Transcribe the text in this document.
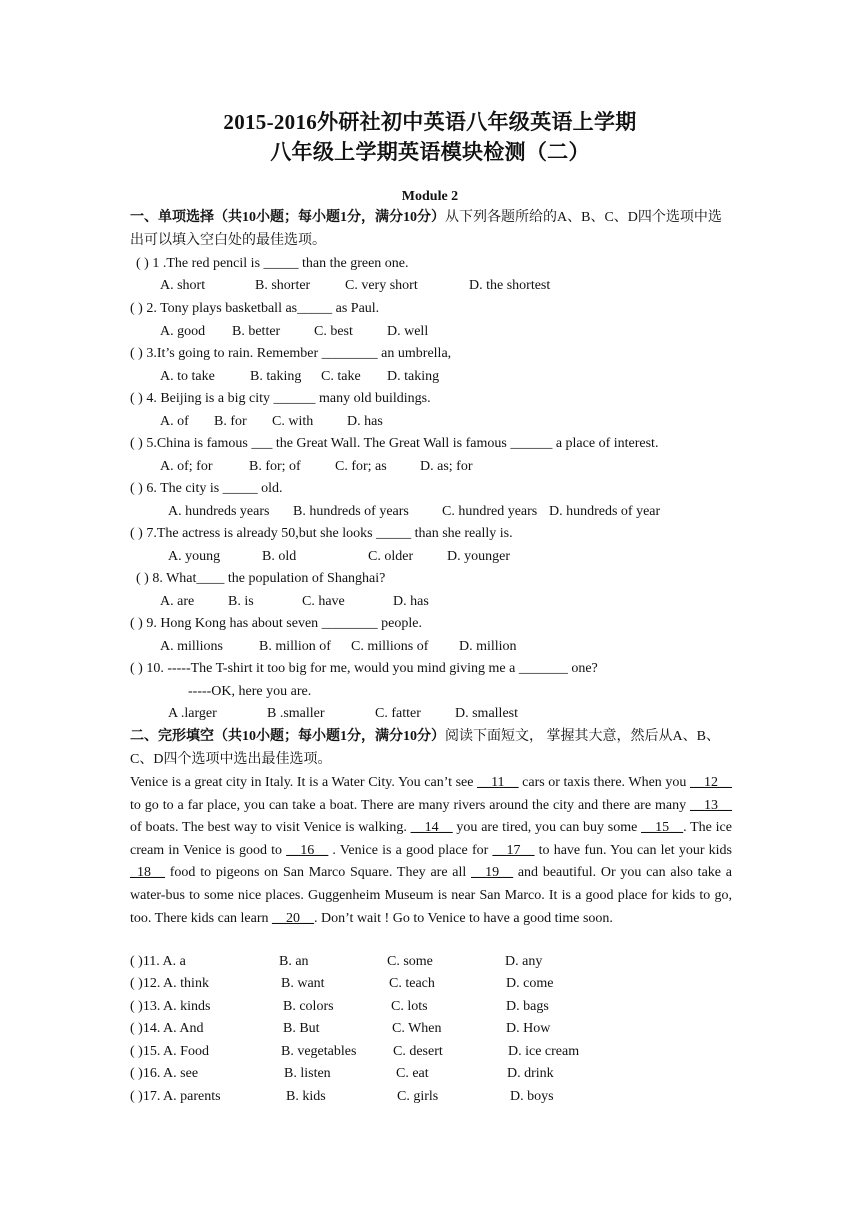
2015-2016外研社初中英语八年级英语上学期
八年级上学期英语模块检测（二）
Module 2
一、单项选择（共10小题；每小题1分，满分10分）从下列各题所给的A、B、C、D四个选项中选出可以填入空白处的最佳选项。
( ) 1 .The red pencil is _____ than the green one.
A. short	B. shorter C. very short	D. the shortest
( ) 2. Tony plays basketball as_____ as Paul.
A. good B. better C. best D. well
( ) 3.It’s going to rain. Remember ________ an umbrella,
A. to take	B. taking C. take D. taking
( ) 4. Beijing is a big city ______ many old buildings.
A. of B. for C. with D. has
( ) 5.China is famous ___ the Great Wall. The Great Wall is famous ______ a place of interest.
A. of; for	B. for; of C. for; as D. as; for
( ) 6. The city is _____ old.
A. hundreds years B. hundreds of years C. hundred years D. hundreds of year
( ) 7.The actress is already 50,but she looks _____ than she really is.
A. young	B. old	C. older D. younger
( ) 8. What____ the population of Shanghai?
A. are B. is	C. have	D. has
( ) 9. Hong Kong has about seven ________ people.
A. millions	B. million of C. millions of D. million
( ) 10. -----The T-shirt it too big for me, would you mind giving me a _______ one?
-----OK, here you are.
A .larger	B .smaller	C. fatter D. smallest
二、完形填空（共10小题；每小题1分，满分10分）阅读下面短文， 掌握其大意，然后从A、B、C、D四个选项中选出最佳选项。
Venice is a great city in Italy. It is a Water City. You can’t see __11__ cars or taxis there. When you __12__ to go to a far place, you can take a boat. There are many rivers around the city and there are many __13__ of boats. The best way to visit Venice is walking. __14__ you are tired, you can buy some __15__. The ice cream in Venice is good to __16__ . Venice is a good place for __17__ to have fun. You can let your kids _18__ food to pigeons on San Marco Square. They are all __19__ and beautiful. Or you can also take a water-bus to some nice places. Guggenheim Museum is near San Marco. It is a good place for kids to go, too. There kids can learn __20__. Don’t wait ! Go to Venice to have a good time soon.
( )11. A. a	B. an	C. some	D. any
( )12. A. think	B. want	C. teach	D. come
( )13. A. kinds	B. colors	C. lots	D. bags
( )14. A. And	B. But	C. When	D. How
( )15. A. Food	B. vegetables	C. desert	D. ice cream
( )16. A. see	B. listen	C. eat	D. drink
( )17. A. parents	B. kids	C. girls	D. boys
